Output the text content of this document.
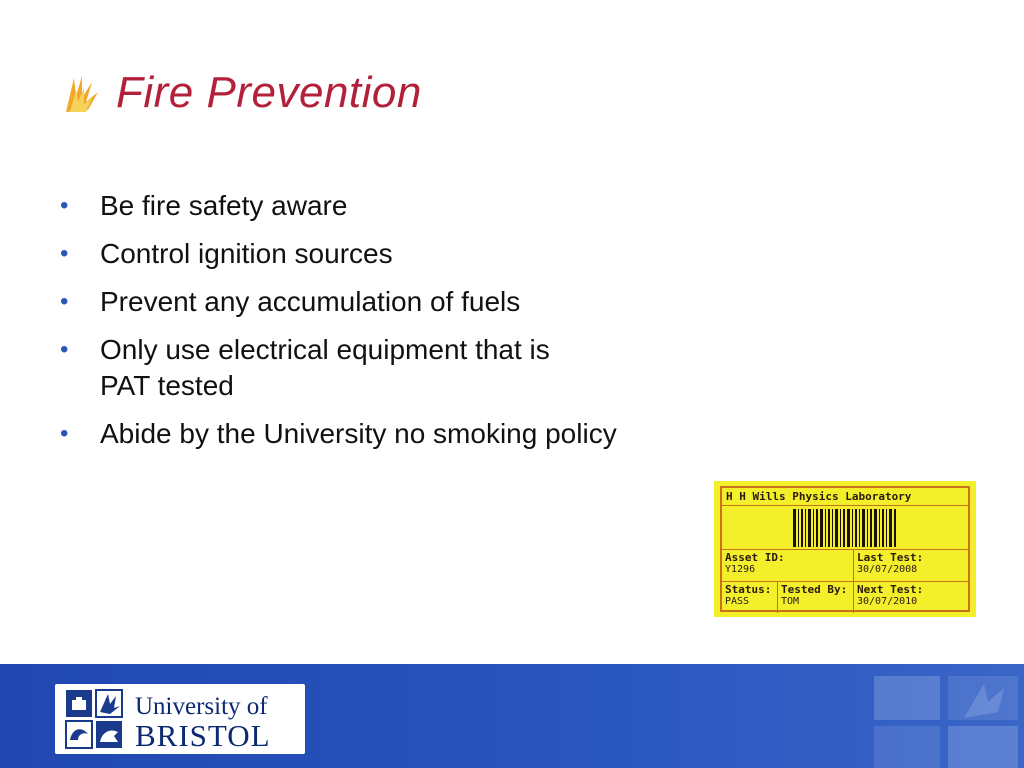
Fire Prevention
• Be fire safety aware
• Control ignition sources
• Prevent any accumulation of fuels
• Only use electrical equipment that is
PAT tested
• Abide by the University no smoking policy
H H Wills Physics Laboratory
Asset ID:
Y1296
Last Test:
30/07/2008
Status:
PASS
Tested By:
TOM
Next Test:
30/07/2010
University of
BRISTOL
